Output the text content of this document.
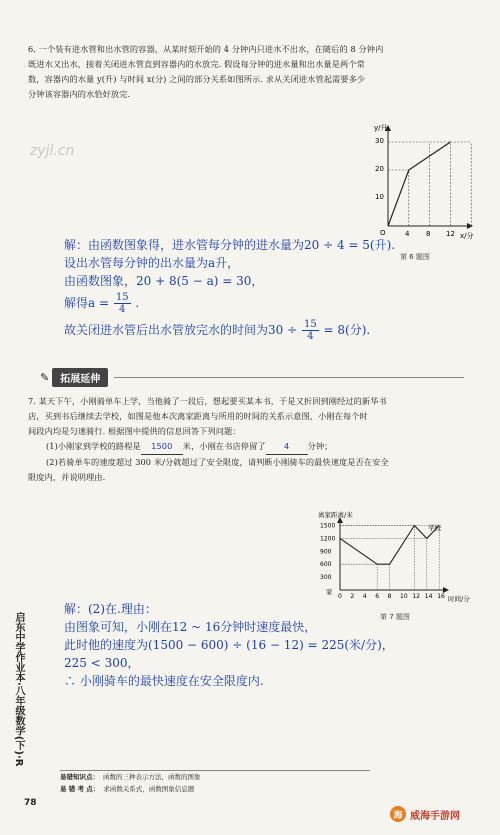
6. 一个装有进水管和出水管的容器，从某时刻开始的 4 分钟内只进水不出水，在随后的 8 分钟内
既进水又出水，接着关闭进水管直到容器内的水放完. 假设每分钟的进水量和出水量是两个常
数，容器内的水量 y(升) 与时间 x(分) 之间的部分关系如图所示. 求从关闭进水管起需要多少
分钟该容器内的水恰好放完.
zyjl.cn
y/升
x/分
O
30
20
10
4 8 12
第 6 题图
解：由函数图象得，进水管每分钟的进水量为20 ÷ 4 = 5(升).
设出水管每分钟的出水量为a升，
由函数图象，20 + 8(5 − a) = 30，
解得$a = \frac{15}{4}$ .
故关闭进水管后出水管放完水的时间为$30 \div \frac{15}{4} = 8$(分).
✎	拓展延伸
7. 某天下午，小刚骑单车上学，当他骑了一段后，想起要买某本书，于是又折回到刚经过的新华书
店，买到书后继续去学校，如图是他本次离家距离与所用的时间的关系示意图，小刚在每个时
间段内均是匀速骑行. 根据图中提供的信息回答下列问题：
(1)小刚家到学校的路程是 1500 米，小刚在书店停留了 4 分钟；
(2)若骑单车的速度超过 300 米/分就超过了安全限度，请判断小刚骑车的最快速度是否在安全
限度内，并说明理由.
离家距离/米
时间/分
学校
家
1500
1200
900
600
300
0 2 4 6 8 10 12 14 16
第 7 题图
解：(2)在.理由：
由图象可知，小刚在12 ~ 16分钟时速度最快，
此时他的速度为(1500 − 600) ÷ (16 − 12) = 225(米/分)，
225 < 300，
∴ 小刚骑车的最快速度在安全限度内.
启东中学作业本·八年级数学(下)·R
易错知识点： 函数的三种表示方法，函数的图象
易 错 考 点： 求函数关系式，函数图象信息题
78
海 威海手游网
